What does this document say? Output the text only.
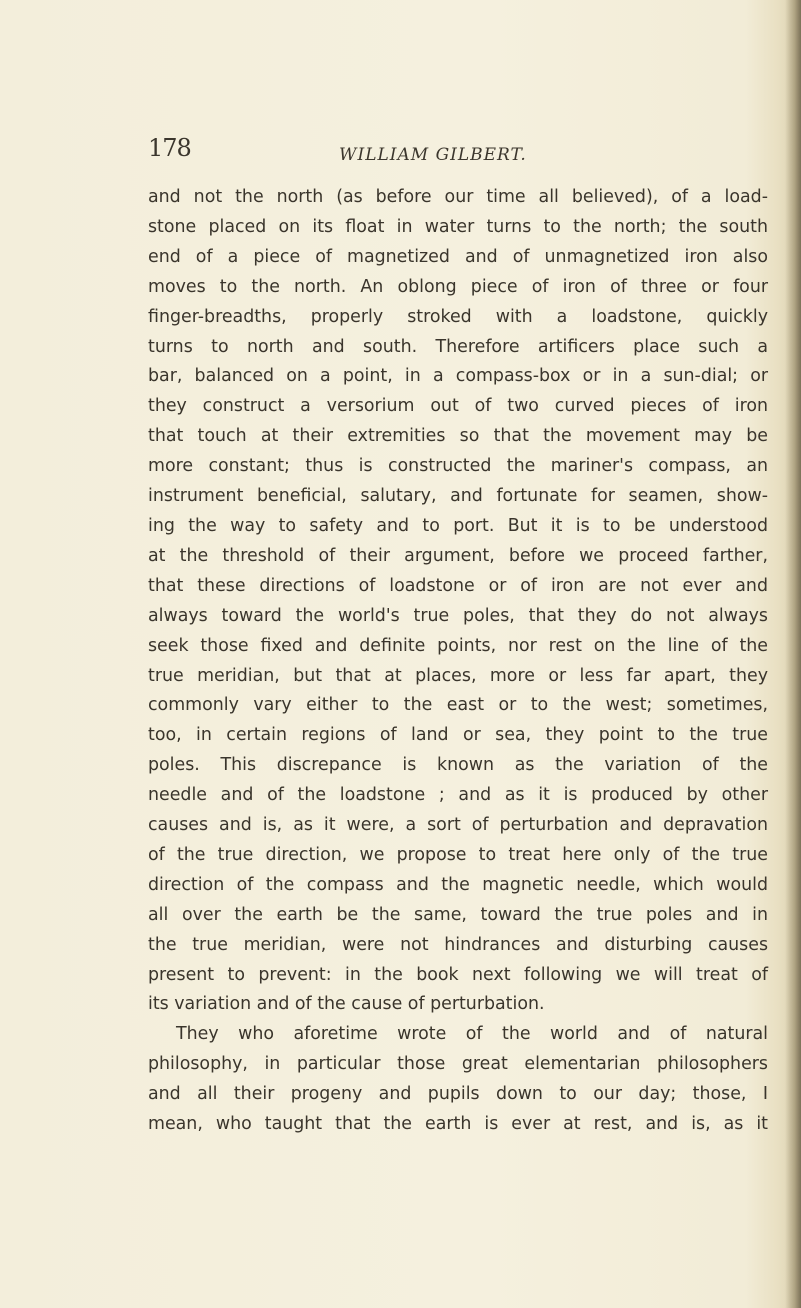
178	WILLIAM GILBERT.
and not the north (as before our time all believed), of a load-
stone placed on its float in water turns to the north; the south
end of a piece of magnetized and of unmagnetized iron also
moves to the north. An oblong piece of iron of three or four
finger-breadths, properly stroked with a loadstone, quickly
turns to north and south. Therefore artificers place such a
bar, balanced on a point, in a compass-box or in a sun-dial; or
they construct a versorium out of two curved pieces of iron
that touch at their extremities so that the movement may be
more constant; thus is constructed the mariner's compass, an
instrument beneficial, salutary, and fortunate for seamen, show-
ing the way to safety and to port. But it is to be understood
at the threshold of their argument, before we proceed farther,
that these directions of loadstone or of iron are not ever and
always toward the world's true poles, that they do not always
seek those fixed and definite points, nor rest on the line of the
true meridian, but that at places, more or less far apart, they
commonly vary either to the east or to the west; sometimes,
too, in certain regions of land or sea, they point to the true
poles. This discrepance is known as the variation of the
needle and of the loadstone ; and as it is produced by other
causes and is, as it were, a sort of perturbation and depravation
of the true direction, we propose to treat here only of the true
direction of the compass and the magnetic needle, which would
all over the earth be the same, toward the true poles and in
the true meridian, were not hindrances and disturbing causes
present to prevent: in the book next following we will treat of
its variation and of the cause of perturbation.
They who aforetime wrote of the world and of natural
philosophy, in particular those great elementarian philosophers
and all their progeny and pupils down to our day; those, I
mean, who taught that the earth is ever at rest, and is, as it
